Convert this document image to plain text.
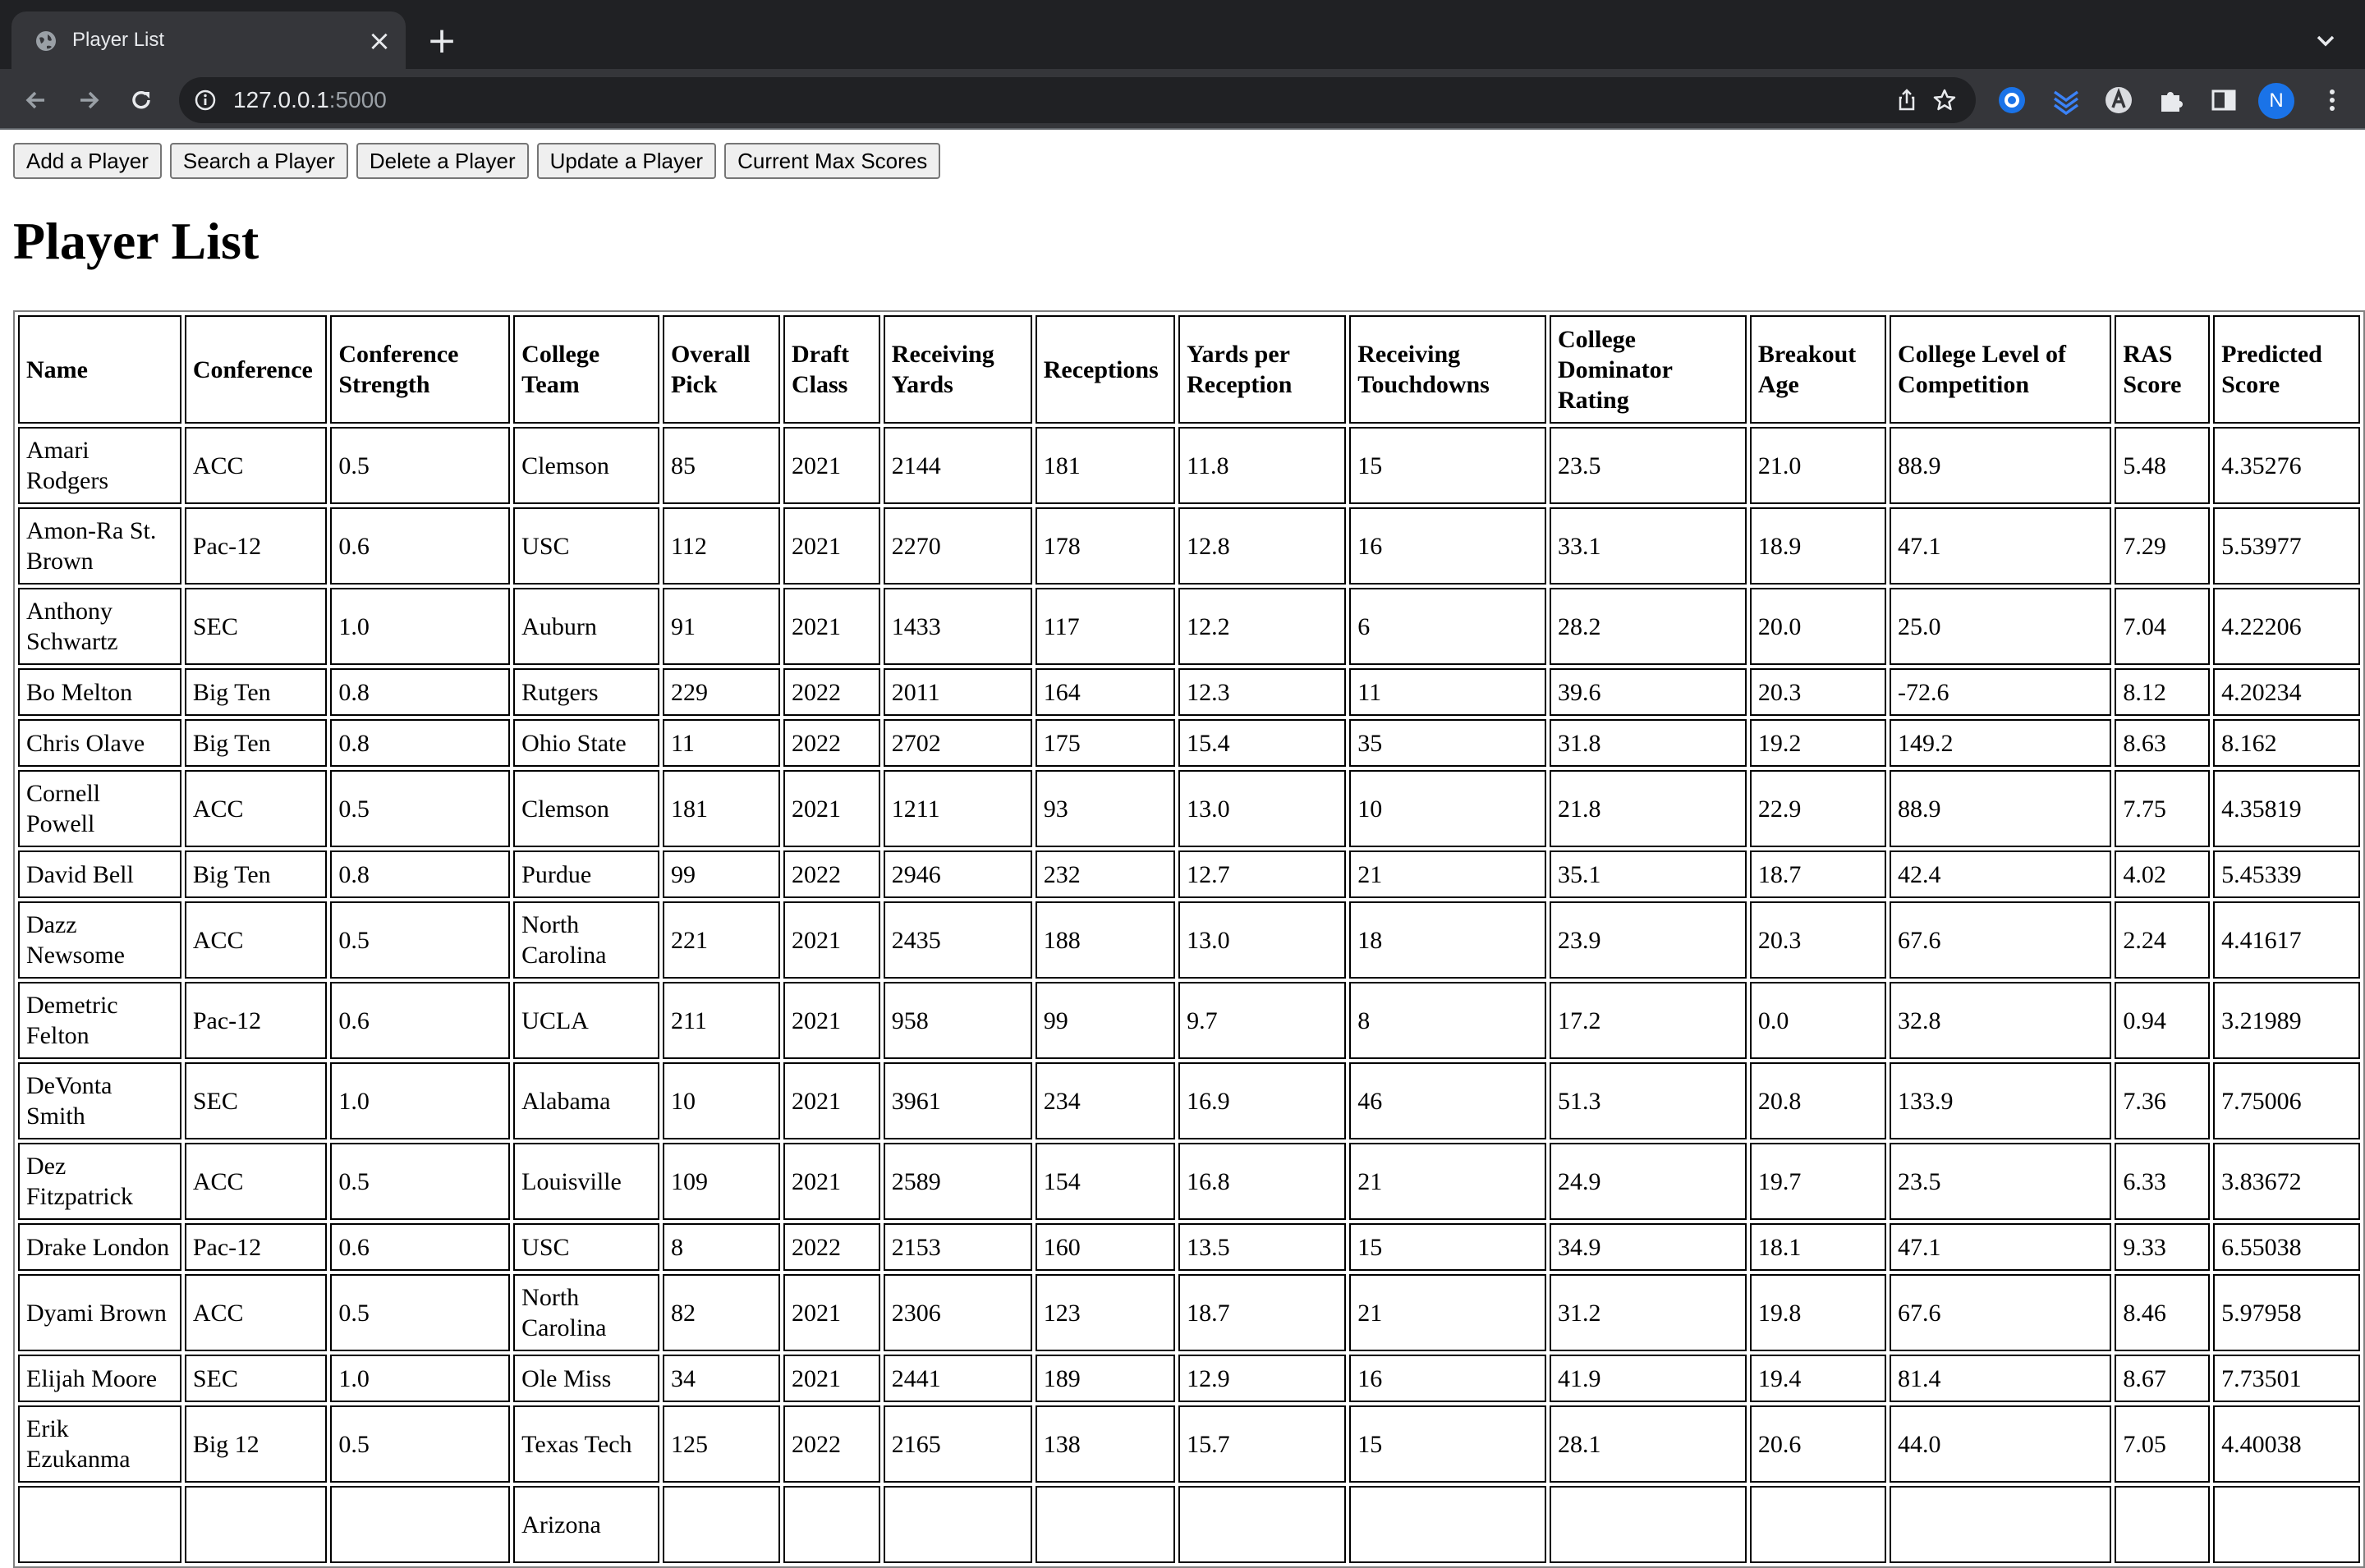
Player List	× +
127.0.0.1:5000	N
Add a Player	Search a Player	Delete a Player	Update a Player	Current Max Scores
Player List
Name	Conference	Conference Strength	College Team	Overall Pick	Draft Class	Receiving Yards	Receptions	Yards per Reception	Receiving Touchdowns	College Dominator Rating	Breakout Age	College Level of Competition	RAS Score	Predicted Score
Amari Rodgers	ACC	0.5	Clemson	85	2021	2144	181	11.8	15	23.5	21.0	88.9	5.48	4.35276
Amon-Ra St. Brown	Pac-12	0.6	USC	112	2021	2270	178	12.8	16	33.1	18.9	47.1	7.29	5.53977
Anthony Schwartz	SEC	1.0	Auburn	91	2021	1433	117	12.2	6	28.2	20.0	25.0	7.04	4.22206
Bo Melton	Big Ten	0.8	Rutgers	229	2022	2011	164	12.3	11	39.6	20.3	-72.6	8.12	4.20234
Chris Olave	Big Ten	0.8	Ohio State	11	2022	2702	175	15.4	35	31.8	19.2	149.2	8.63	8.162
Cornell Powell	ACC	0.5	Clemson	181	2021	1211	93	13.0	10	21.8	22.9	88.9	7.75	4.35819
David Bell	Big Ten	0.8	Purdue	99	2022	2946	232	12.7	21	35.1	18.7	42.4	4.02	5.45339
Dazz Newsome	ACC	0.5	North Carolina	221	2021	2435	188	13.0	18	23.9	20.3	67.6	2.24	4.41617
Demetric Felton	Pac-12	0.6	UCLA	211	2021	958	99	9.7	8	17.2	0.0	32.8	0.94	3.21989
DeVonta Smith	SEC	1.0	Alabama	10	2021	3961	234	16.9	46	51.3	20.8	133.9	7.36	7.75006
Dez Fitzpatrick	ACC	0.5	Louisville	109	2021	2589	154	16.8	21	24.9	19.7	23.5	6.33	3.83672
Drake London	Pac-12	0.6	USC	8	2022	2153	160	13.5	15	34.9	18.1	47.1	9.33	6.55038
Dyami Brown	ACC	0.5	North Carolina	82	2021	2306	123	18.7	21	31.2	19.8	67.6	8.46	5.97958
Elijah Moore	SEC	1.0	Ole Miss	34	2021	2441	189	12.9	16	41.9	19.4	81.4	8.67	7.73501
Erik Ezukanma	Big 12	0.5	Texas Tech	125	2022	2165	138	15.7	15	28.1	20.6	44.0	7.05	4.40038
			Arizona											
